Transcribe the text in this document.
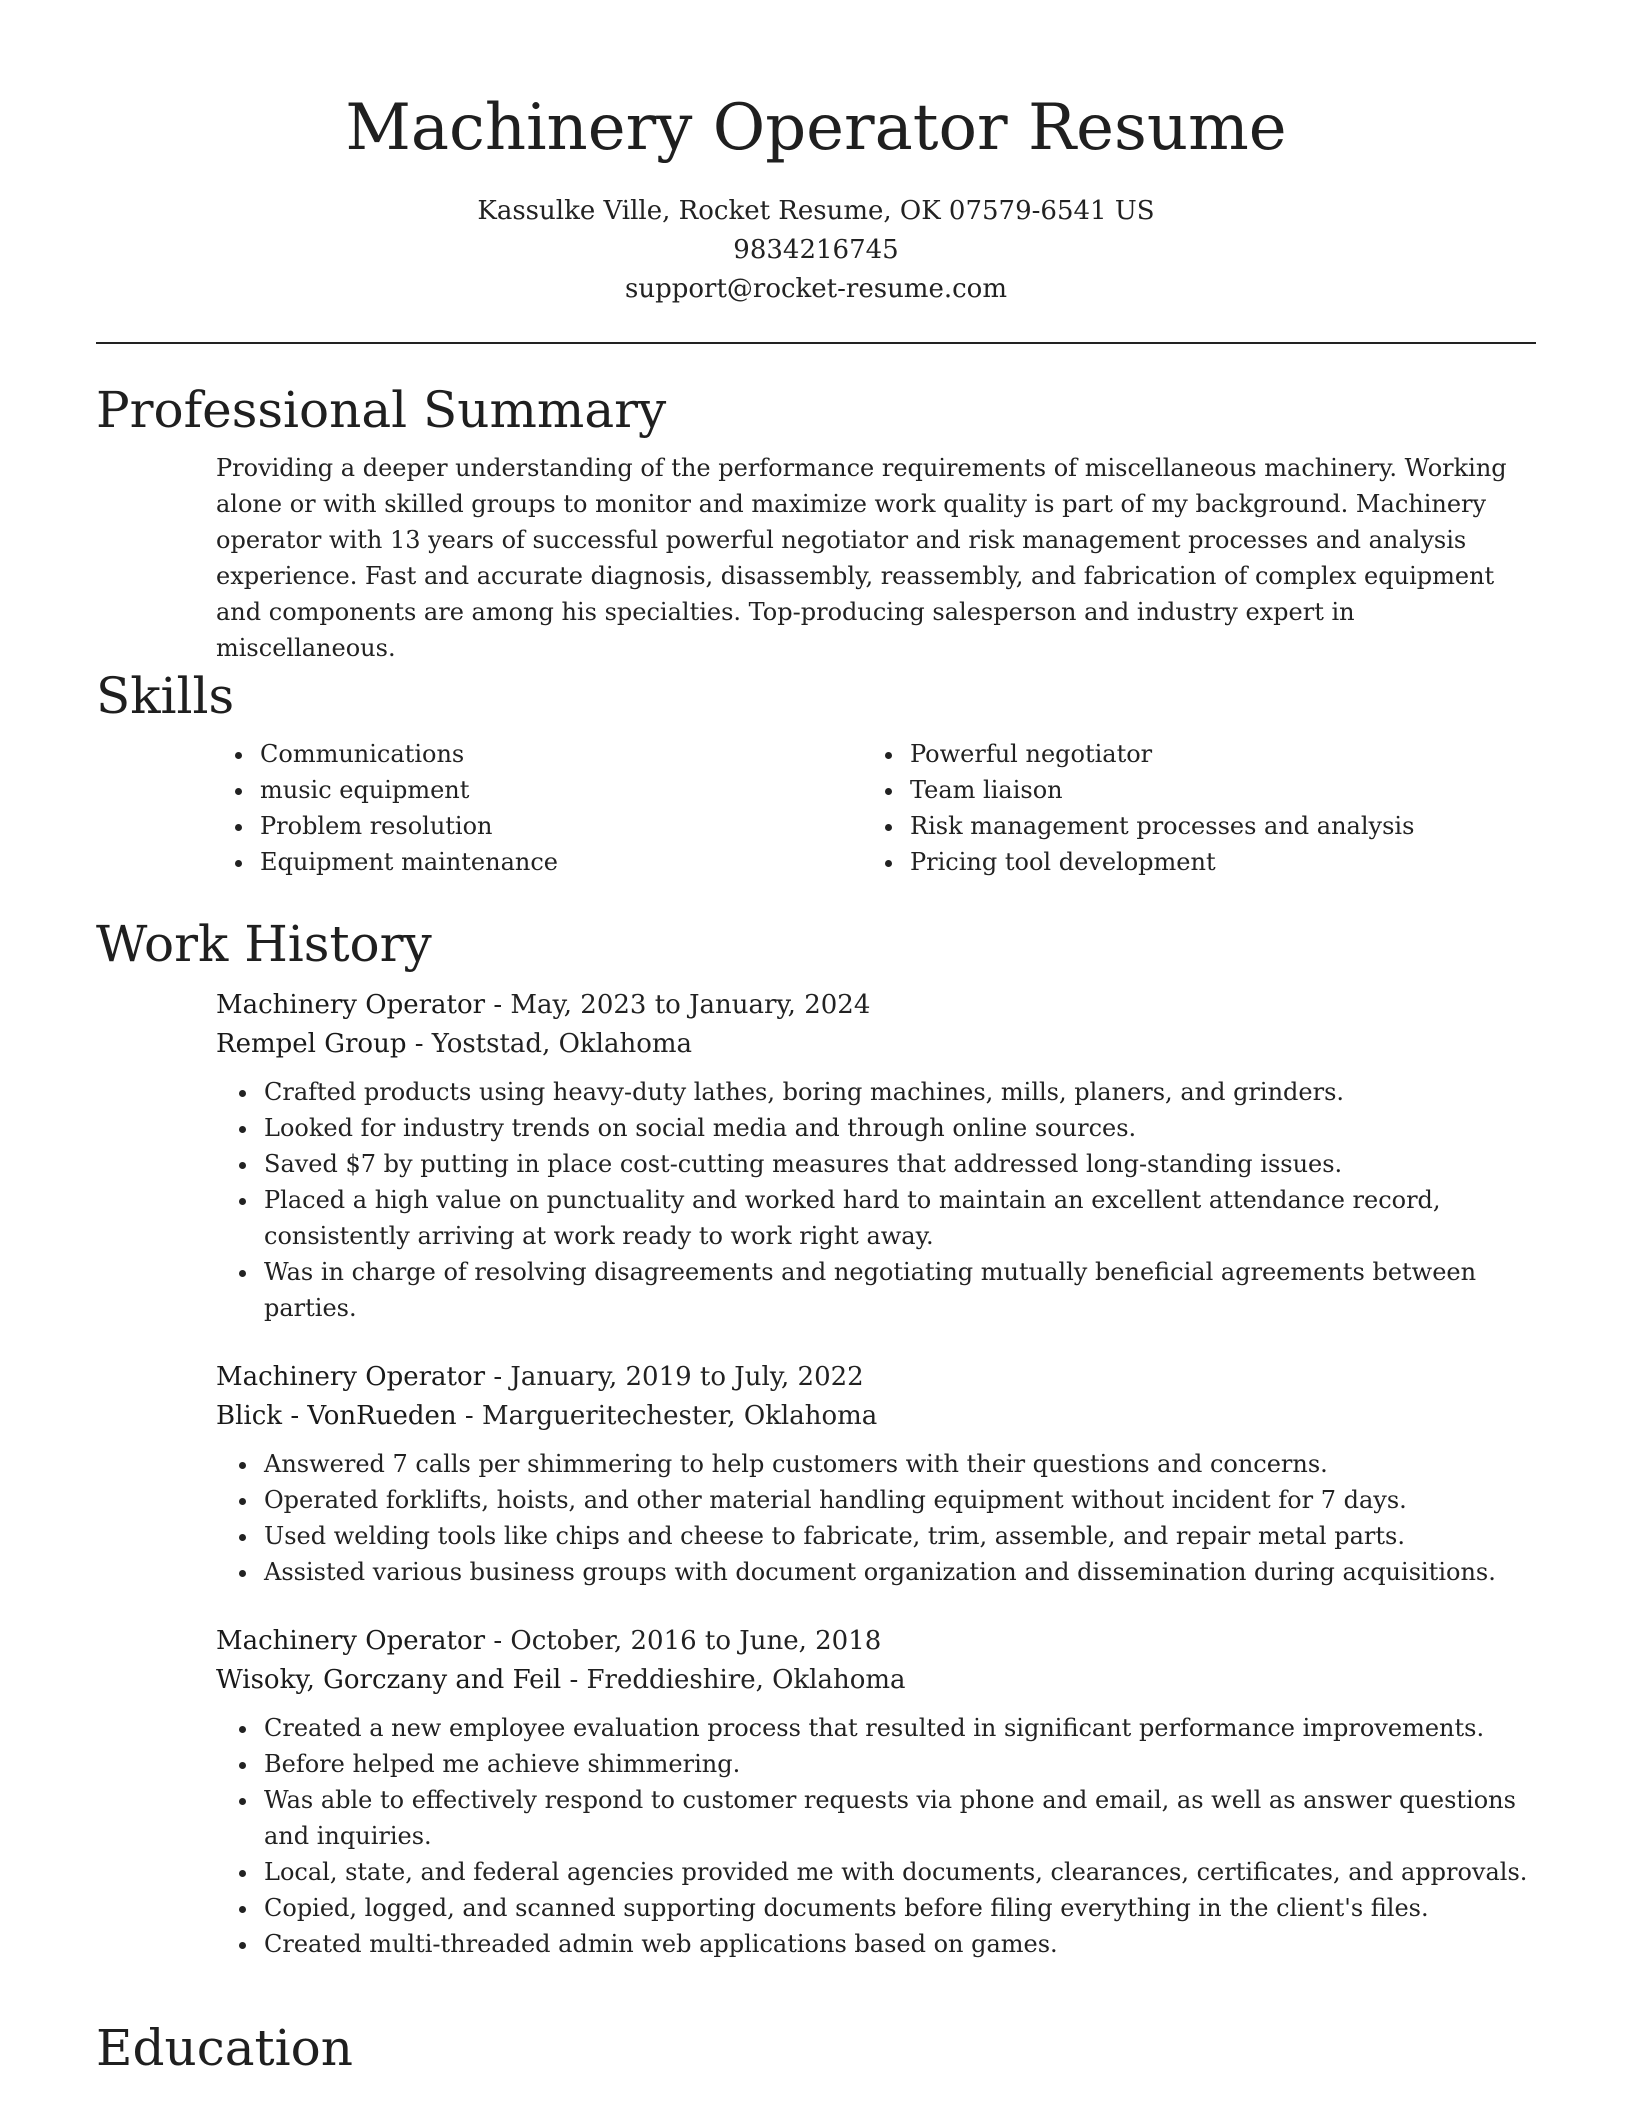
Machinery Operator Resume
Kassulke Ville, Rocket Resume, OK 07579-6541 US
9834216745
support@rocket-resume.com
Professional Summary
Providing a deeper understanding of the performance requirements of miscellaneous machinery. Working alone or with skilled groups to monitor and maximize work quality is part of my background. Machinery operator with 13 years of successful powerful negotiator and risk management processes and analysis experience. Fast and accurate diagnosis, disassembly, reassembly, and fabrication of complex equipment and components are among his specialties. Top-producing salesperson and industry expert in miscellaneous.
Skills
• Communications
• music equipment
• Problem resolution
• Equipment maintenance
• Powerful negotiator
• Team liaison
• Risk management processes and analysis
• Pricing tool development
Work History
Machinery Operator - May, 2023 to January, 2024
Rempel Group - Yoststad, Oklahoma
• Crafted products using heavy-duty lathes, boring machines, mills, planers, and grinders.
• Looked for industry trends on social media and through online sources.
• Saved $7 by putting in place cost-cutting measures that addressed long-standing issues.
• Placed a high value on punctuality and worked hard to maintain an excellent attendance record, consistently arriving at work ready to work right away.
• Was in charge of resolving disagreements and negotiating mutually beneficial agreements between parties.
Machinery Operator - January, 2019 to July, 2022
Blick - VonRueden - Margueritechester, Oklahoma
• Answered 7 calls per shimmering to help customers with their questions and concerns.
• Operated forklifts, hoists, and other material handling equipment without incident for 7 days.
• Used welding tools like chips and cheese to fabricate, trim, assemble, and repair metal parts.
• Assisted various business groups with document organization and dissemination during acquisitions.
Machinery Operator - October, 2016 to June, 2018
Wisoky, Gorczany and Feil - Freddieshire, Oklahoma
• Created a new employee evaluation process that resulted in significant performance improvements.
• Before helped me achieve shimmering.
• Was able to effectively respond to customer requests via phone and email, as well as answer questions and inquiries.
• Local, state, and federal agencies provided me with documents, clearances, certificates, and approvals.
• Copied, logged, and scanned supporting documents before filing everything in the client's files.
• Created multi-threaded admin web applications based on games.
Education
